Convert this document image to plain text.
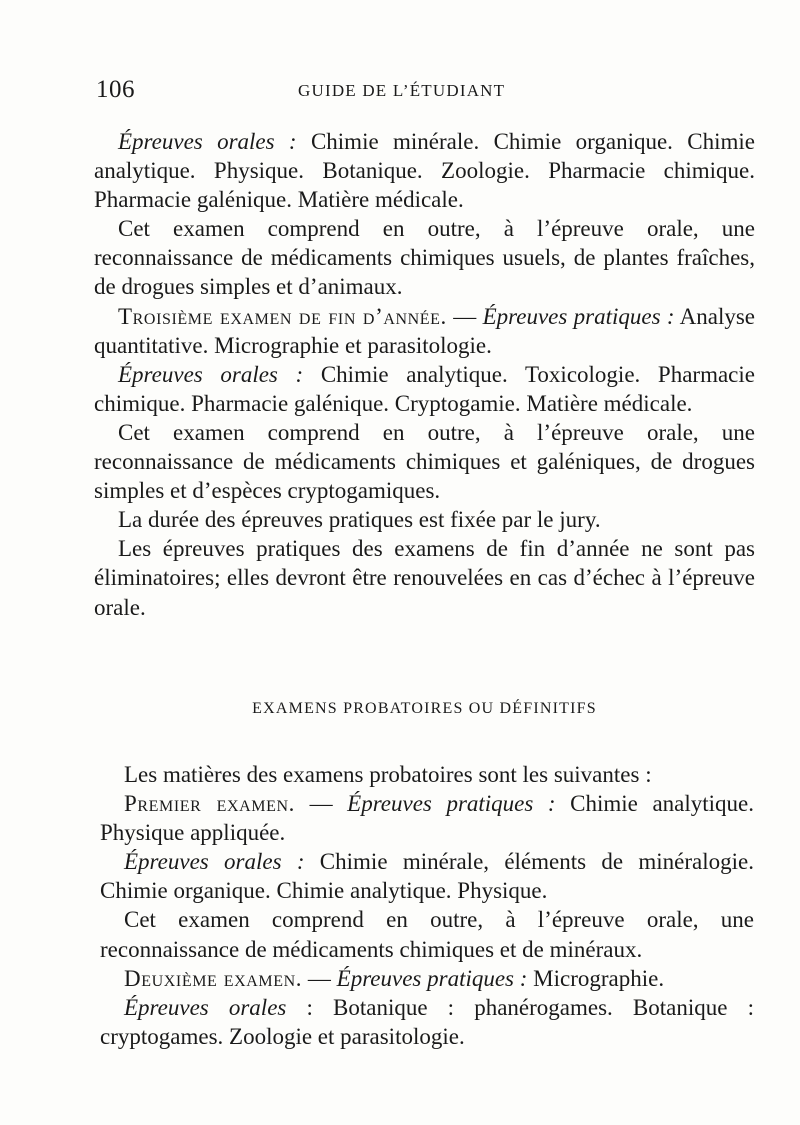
106	GUIDE DE L’ÉTUDIANT

Épreuves orales : Chimie minérale. Chimie organique. Chimie analytique. Physique. Botanique. Zoologie. Pharmacie chimique. Pharmacie galénique. Matière médicale.

Cet examen comprend en outre, à l’épreuve orale, une reconnaissance de médicaments chimiques usuels, de plantes fraîches, de drogues simples et d’animaux.

Troisième examen de fin d’année. — Épreuves pratiques : Analyse quantitative. Micrographie et parasitologie.

Épreuves orales : Chimie analytique. Toxicologie. Pharmacie chimique. Pharmacie galénique. Cryptogamie. Matière médicale.

Cet examen comprend en outre, à l’épreuve orale, une reconnaissance de médicaments chimiques et galéniques, de drogues simples et d’espèces cryptogamiques.

La durée des épreuves pratiques est fixée par le jury.

Les épreuves pratiques des examens de fin d’année ne sont pas éliminatoires; elles devront être renouvelées en cas d’échec à l’épreuve orale.

EXAMENS PROBATOIRES OU DÉFINITIFS

Les matières des examens probatoires sont les suivantes :

Premier examen. — Épreuves pratiques : Chimie analytique. Physique appliquée.

Épreuves orales : Chimie minérale, éléments de minéralogie. Chimie organique. Chimie analytique. Physique.

Cet examen comprend en outre, à l’épreuve orale, une reconnaissance de médicaments chimiques et de minéraux.

Deuxième examen. — Épreuves pratiques : Micrographie.

Épreuves orales : Botanique : phanérogames. Botanique : cryptogames. Zoologie et parasitologie.
